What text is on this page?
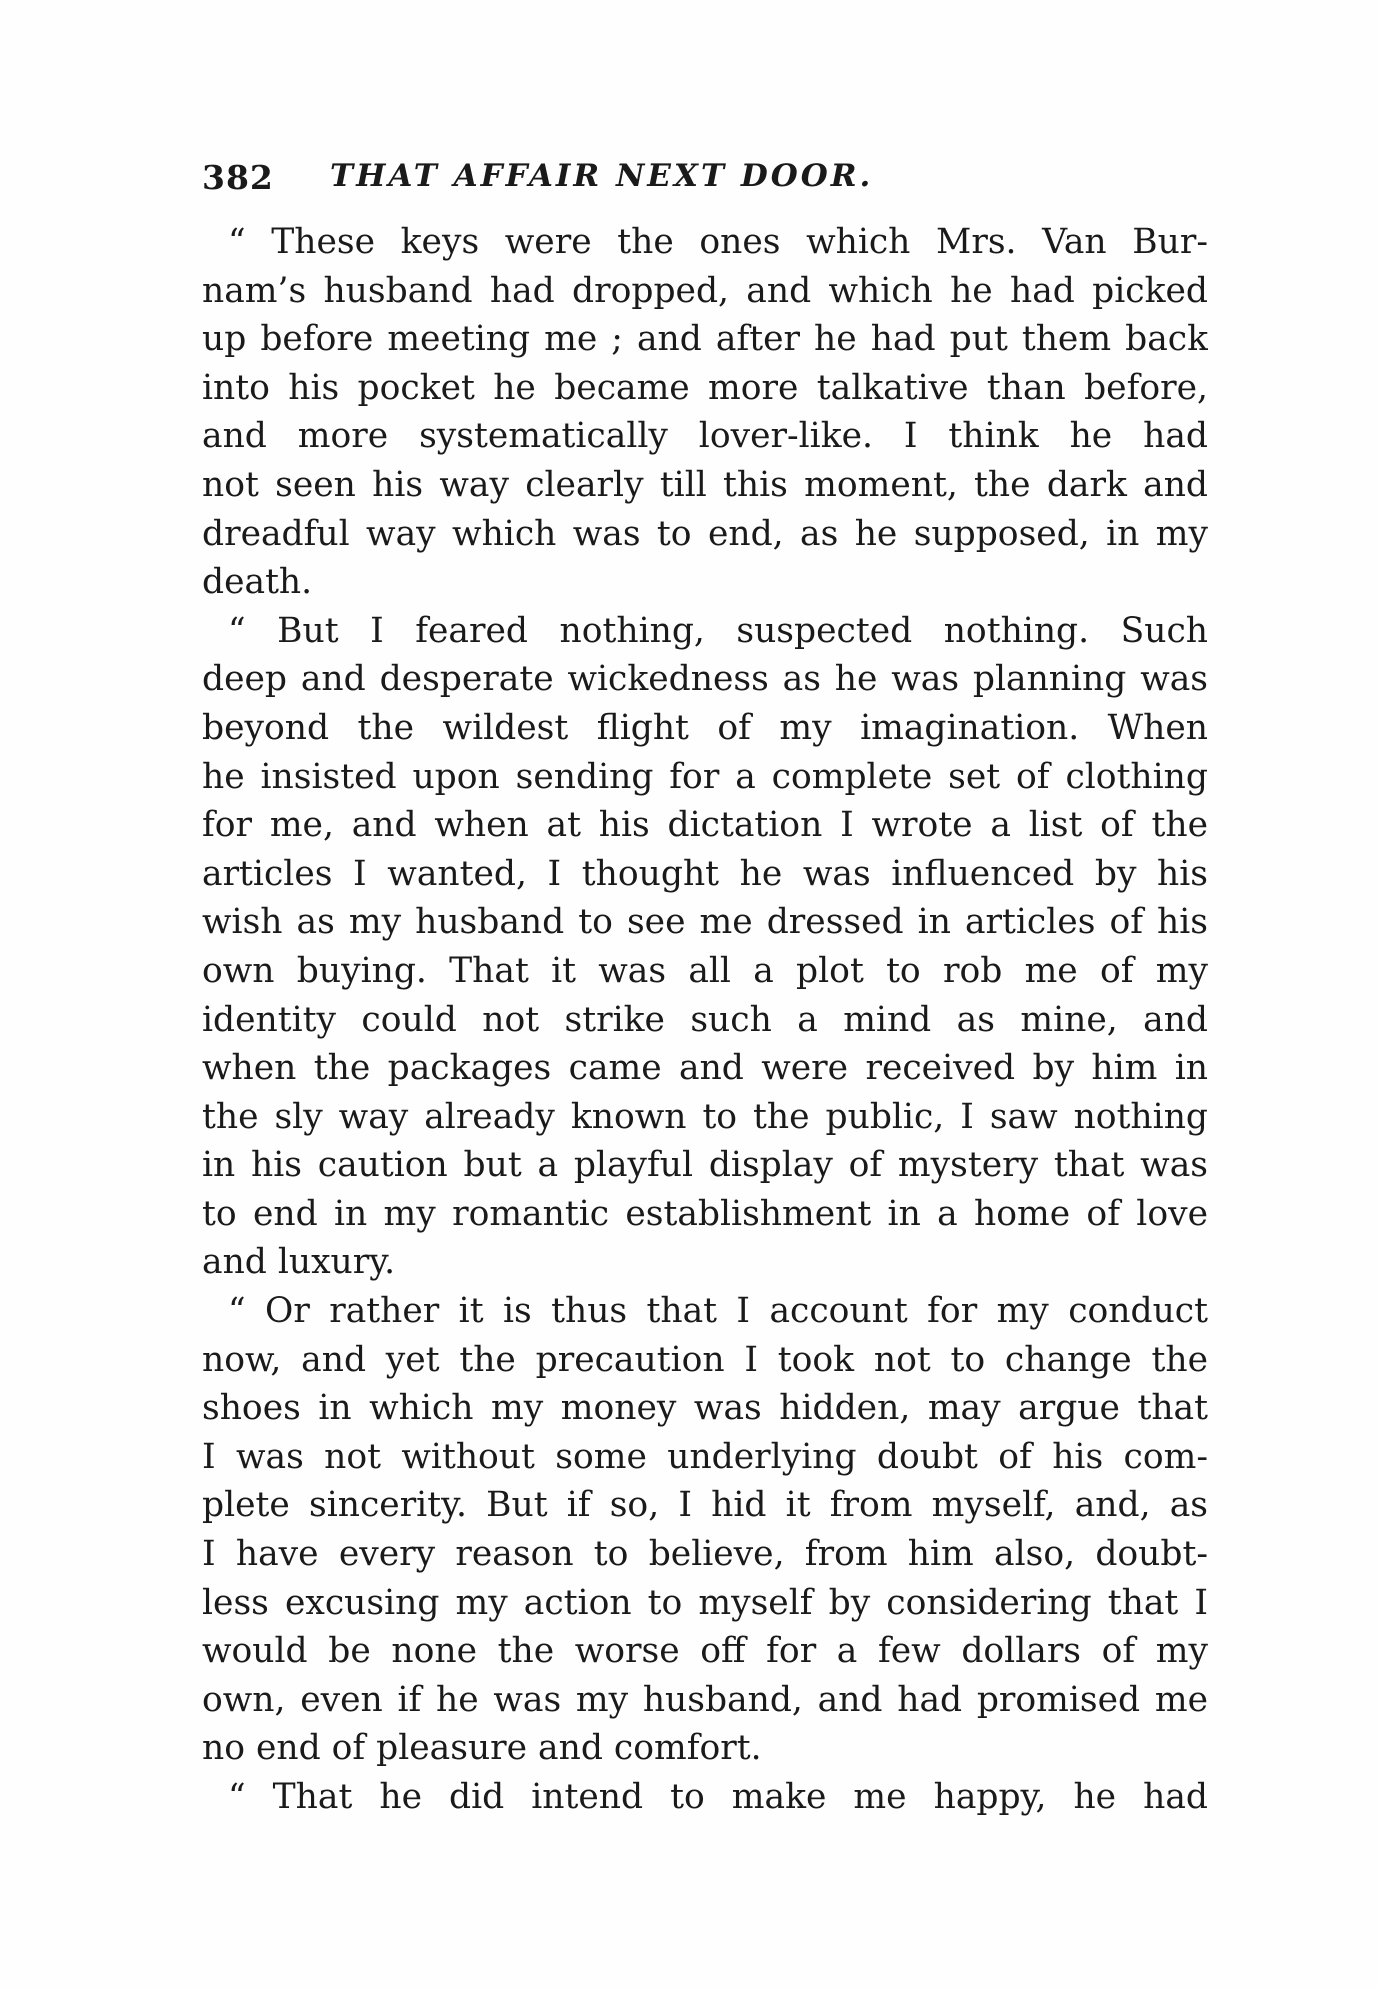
382 THAT AFFAIR NEXT DOOR.
“ These keys were the ones which Mrs. Van Bur-
nam’s husband had dropped, and which he had picked
up before meeting me ; and after he had put them back
into his pocket he became more talkative than before,
and more systematically lover-like. I think he had
not seen his way clearly till this moment, the dark and
dreadful way which was to end, as he supposed, in my
death.
“ But I feared nothing, suspected nothing. Such
deep and desperate wickedness as he was planning was
beyond the wildest flight of my imagination. When
he insisted upon sending for a complete set of clothing
for me, and when at his dictation I wrote a list of the
articles I wanted, I thought he was influenced by his
wish as my husband to see me dressed in articles of his
own buying. That it was all a plot to rob me of my
identity could not strike such a mind as mine, and
when the packages came and were received by him in
the sly way already known to the public, I saw nothing
in his caution but a playful display of mystery that was
to end in my romantic establishment in a home of love
and luxury.
“ Or rather it is thus that I account for my conduct
now, and yet the precaution I took not to change the
shoes in which my money was hidden, may argue that
I was not without some underlying doubt of his com-
plete sincerity. But if so, I hid it from myself, and, as
I have every reason to believe, from him also, doubt-
less excusing my action to myself by considering that I
would be none the worse off for a few dollars of my
own, even if he was my husband, and had promised me
no end of pleasure and comfort.
“ That he did intend to make me happy, he had
